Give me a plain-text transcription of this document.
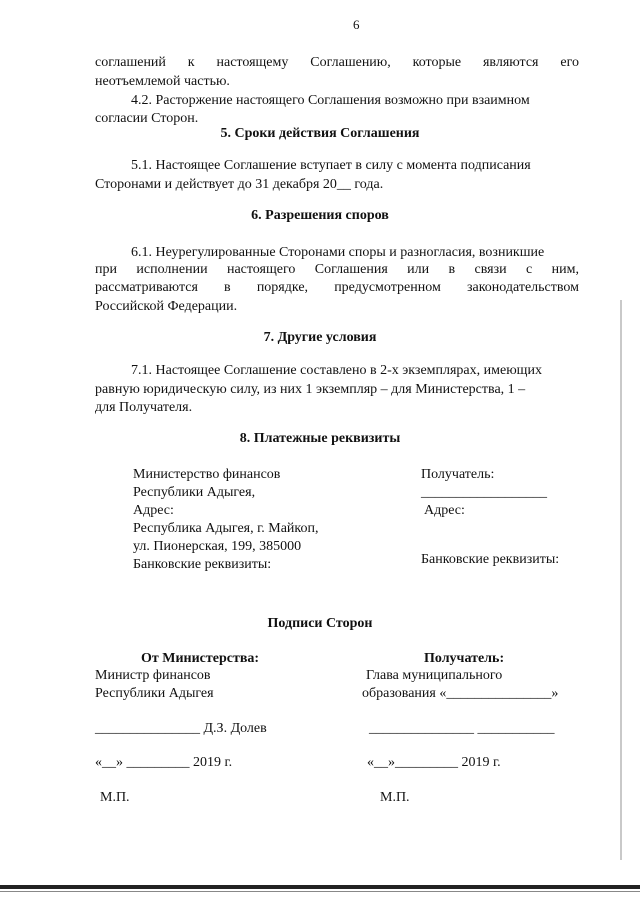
6
соглашений к настоящему Соглашению, которые являются его
неотъемлемой частью.
4.2. Расторжение настоящего Соглашения возможно при взаимном
согласии Сторон.
5. Сроки действия Соглашения
5.1. Настоящее Соглашение вступает в силу с момента подписания
Сторонами и действует до 31 декабря 20__ года.
6. Разрешения споров
6.1. Неурегулированные Сторонами споры и разногласия, возникшие
при исполнении настоящего Соглашения или в связи с ним,
рассматриваются в порядке, предусмотренном законодательством
Российской Федерации.
7. Другие условия
7.1. Настоящее Соглашение составлено в 2-х экземплярах, имеющих
равную юридическую силу, из них 1 экземпляр – для Министерства, 1 –
для Получателя.
8. Платежные реквизиты
Министерство финансов
Республики Адыгея,
Адрес:
Республика Адыгея, г. Майкоп,
ул. Пионерская, 199, 385000
Банковские реквизиты:
Получатель:
__________________
Адрес:
Банковские реквизиты:
Подписи Сторон
От Министерства:
Министр финансов
Республики Адыгея
_______________ Д.З. Долев
«__» _________ 2019 г.
М.П.
Получатель:
Глава муниципального
образования «_______________»
_______________ ___________
«__»_________ 2019 г.
М.П.
